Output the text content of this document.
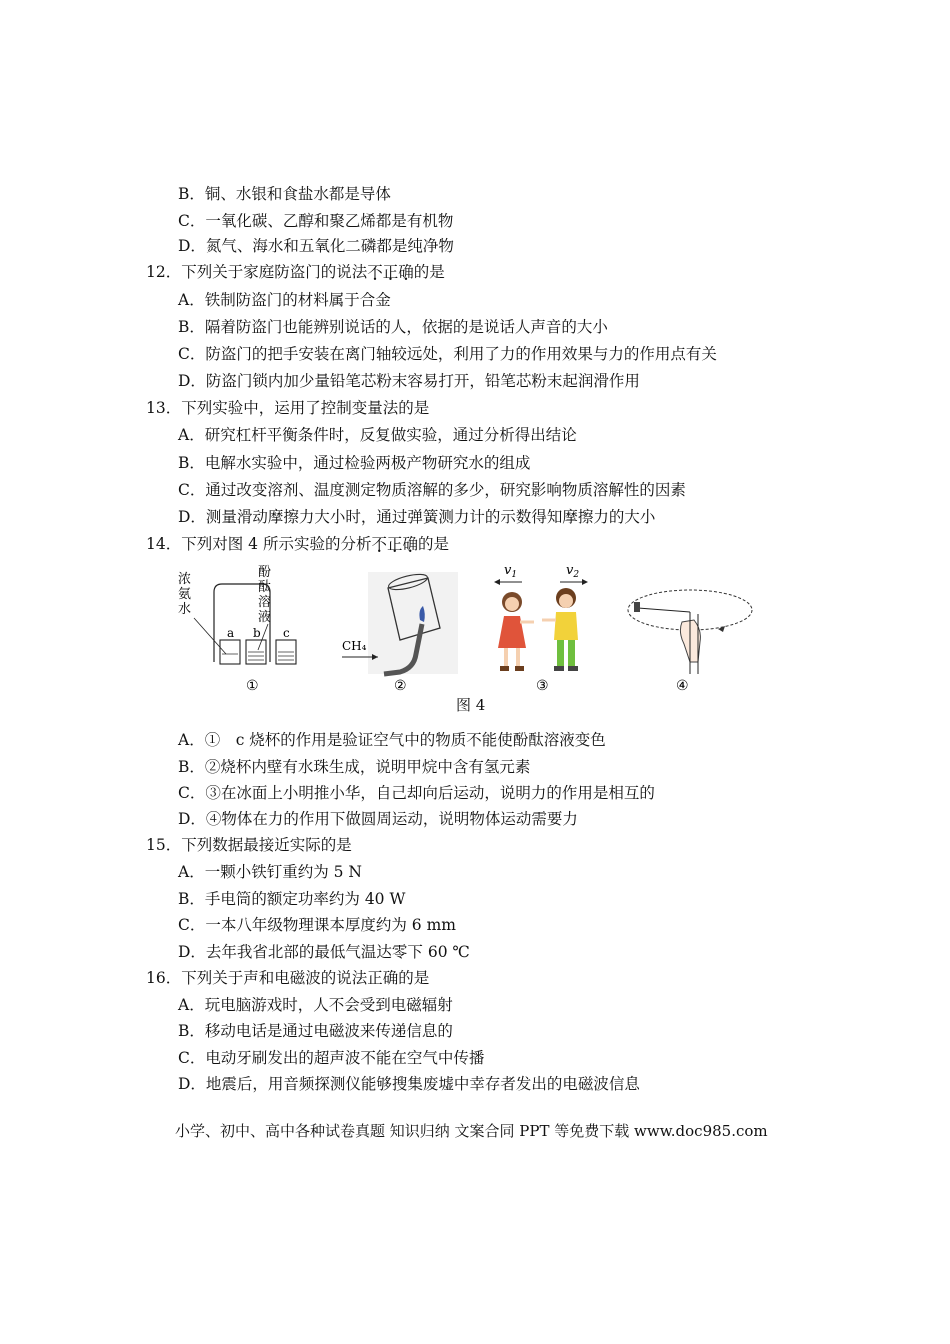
B．铜、水银和食盐水都是导体
C．一氧化碳、乙醇和聚乙烯都是有机物
D．氮气、海水和五氧化二磷都是纯净物
12．下列关于家庭防盗门的说法不正确的是
A．铁制防盗门的材料属于合金
B．隔着防盗门也能辨别说话的人，依据的是说话人声音的大小
C．防盗门的把手安装在离门轴较远处，利用了力的作用效果与力的作用点有关
D．防盗门锁内加少量铅笔芯粉末容易打开，铅笔芯粉末起润滑作用
13．下列实验中，运用了控制变量法的是
A．研究杠杆平衡条件时，反复做实验，通过分析得出结论
B．电解水实验中，通过检验两极产物研究水的组成
C．通过改变溶剂、温度测定物质溶解的多少，研究影响物质溶解性的因素
D．测量滑动摩擦力大小时，通过弹簧测力计的示数得知摩擦力的大小
14．下列对图 4 所示实验的分析不正确的是
浓
氨
水
酚
酞
溶
液
a b c
①
CH₄
②
$v_1$	$v_2$
③	④
图 4
A．①　c 烧杯的作用是验证空气中的物质不能使酚酞溶液变色
B．②烧杯内壁有水珠生成，说明甲烷中含有氢元素
C．③在冰面上小明推小华，自己却向后运动，说明力的作用是相互的
D．④物体在力的作用下做圆周运动，说明物体运动需要力
15．下列数据最接近实际的是
A．一颗小铁钉重约为 5 N
B．手电筒的额定功率约为 40 W
C．一本八年级物理课本厚度约为 6 mm
D．去年我省北部的最低气温达零下 60 ℃
16．下列关于声和电磁波的说法正确的是
A．玩电脑游戏时，人不会受到电磁辐射
B．移动电话是通过电磁波来传递信息的
C．电动牙刷发出的超声波不能在空气中传播
D．地震后，用音频探测仪能够搜集废墟中幸存者发出的电磁波信息
小学、初中、高中各种试卷真题 知识归纳 文案合同 PPT 等免费下载 www.doc985.com
